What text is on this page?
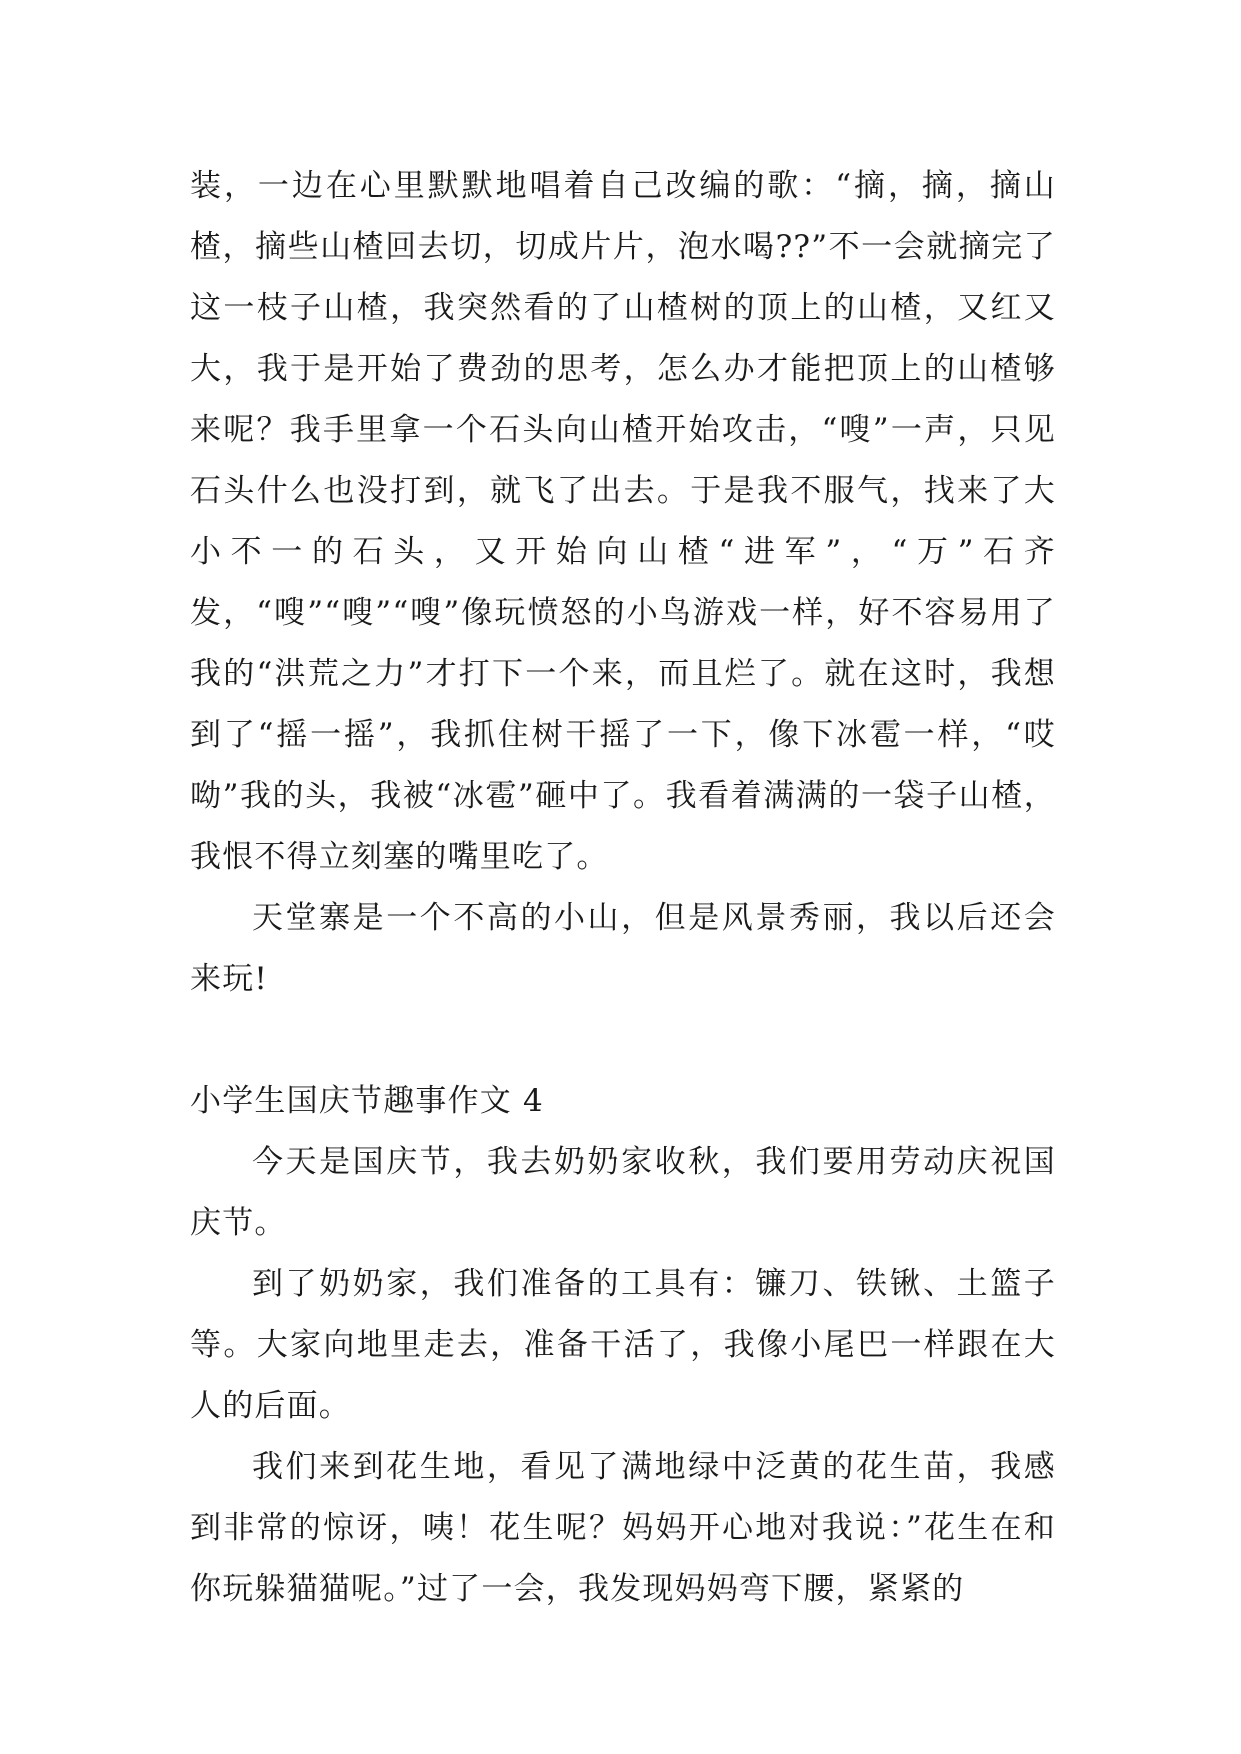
装，一边在心里默默地唱着自己改编的歌：“摘，摘，摘山楂，摘些山楂回去切，切成片片，泡水喝??”不一会就摘完了这一枝子山楂，我突然看的了山楂树的顶上的山楂，又红又大，我于是开始了费劲的思考，怎么办才能把顶上的山楂够来呢？我手里拿一个石头向山楂开始攻击，“嗖”一声，只见石头什么也没打到，就飞了出去。于是我不服气，找来了大小不一的石头，又开始向山楂“进军”，“万”石齐发，“嗖”“嗖”“嗖”像玩愤怒的小鸟游戏一样，好不容易用了我的“洪荒之力”才打下一个来，而且烂了。就在这时，我想到了“摇一摇”，我抓住树干摇了一下，像下冰雹一样，“哎呦”我的头，我被“冰雹”砸中了。我看着满满的一袋子山楂，我恨不得立刻塞的嘴里吃了。

天堂寨是一个不高的小山，但是风景秀丽，我以后还会来玩!

小学生国庆节趣事作文 4

今天是国庆节，我去奶奶家收秋，我们要用劳动庆祝国庆节。

到了奶奶家，我们准备的工具有：镰刀、铁锹、土篮子等。大家向地里走去，准备干活了，我像小尾巴一样跟在大人的后面。

我们来到花生地，看见了满地绿中泛黄的花生苗，我感到非常的惊讶，咦！花生呢？妈妈开心地对我说：”花生在和你玩躲猫猫呢。”过了一会，我发现妈妈弯下腰，紧紧的
